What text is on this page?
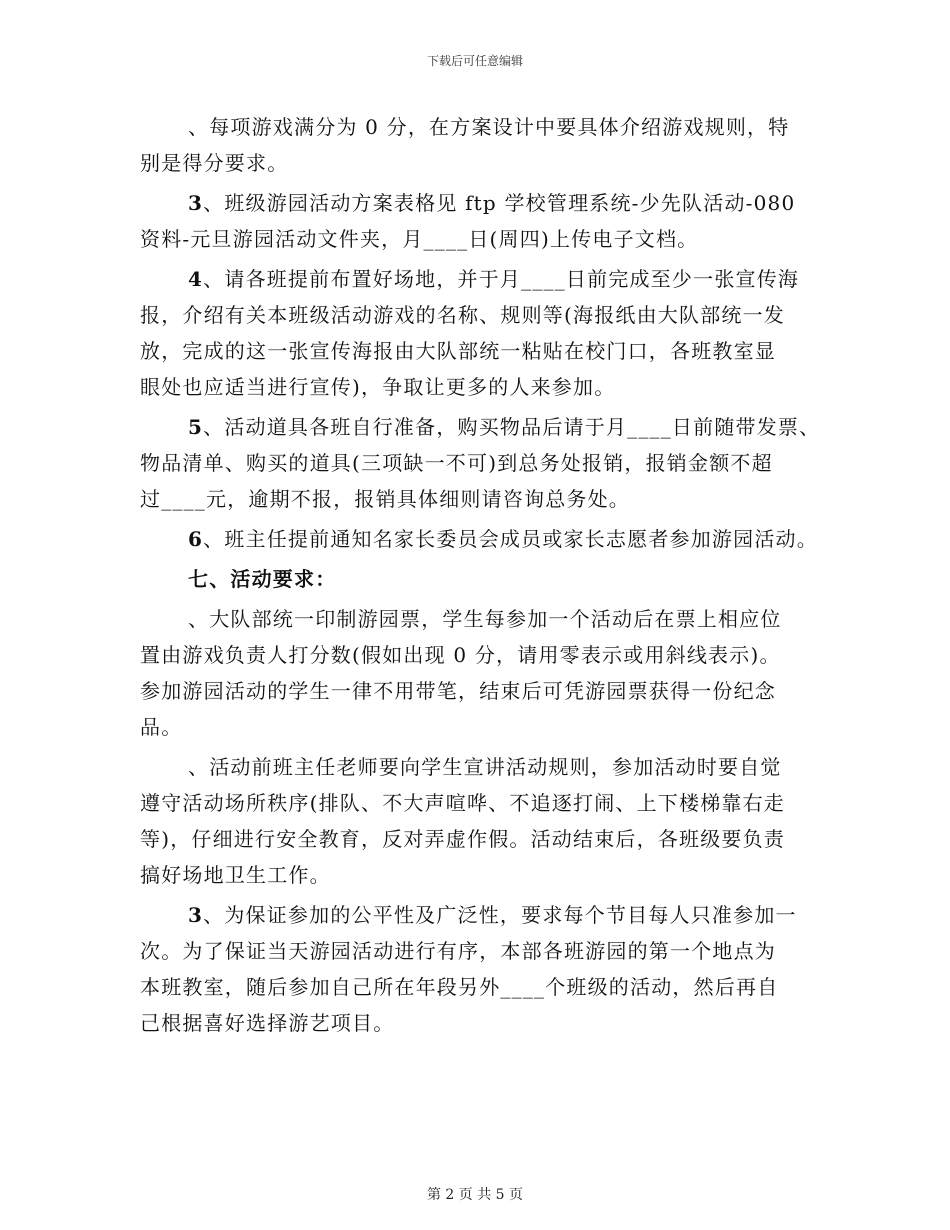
下载后可任意编辑
、每项游戏满分为 0 分，在方案设计中要具体介绍游戏规则，特
别是得分要求。
3、班级游园活动方案表格见 ftp 学校管理系统-少先队活动-080
资料-元旦游园活动文件夹，月____日(周四)上传电子文档。
4、请各班提前布置好场地，并于月____日前完成至少一张宣传海
报，介绍有关本班级活动游戏的名称、规则等(海报纸由大队部统一发
放，完成的这一张宣传海报由大队部统一粘贴在校门口，各班教室显
眼处也应适当进行宣传)，争取让更多的人来参加。
5、活动道具各班自行准备，购买物品后请于月____日前随带发票、
物品清单、购买的道具(三项缺一不可)到总务处报销，报销金额不超
过____元，逾期不报，报销具体细则请咨询总务处。
6、班主任提前通知名家长委员会成员或家长志愿者参加游园活动。
七、活动要求：
、大队部统一印制游园票，学生每参加一个活动后在票上相应位
置由游戏负责人打分数(假如出现 0 分，请用零表示或用斜线表示)。
参加游园活动的学生一律不用带笔，结束后可凭游园票获得一份纪念
品。
、活动前班主任老师要向学生宣讲活动规则，参加活动时要自觉
遵守活动场所秩序(排队、不大声喧哗、不追逐打闹、上下楼梯靠右走
等)，仔细进行安全教育，反对弄虚作假。活动结束后，各班级要负责
搞好场地卫生工作。
3、为保证参加的公平性及广泛性，要求每个节目每人只准参加一
次。为了保证当天游园活动进行有序，本部各班游园的第一个地点为
本班教室，随后参加自己所在年段另外____个班级的活动，然后再自
己根据喜好选择游艺项目。
第 2 页 共 5 页
